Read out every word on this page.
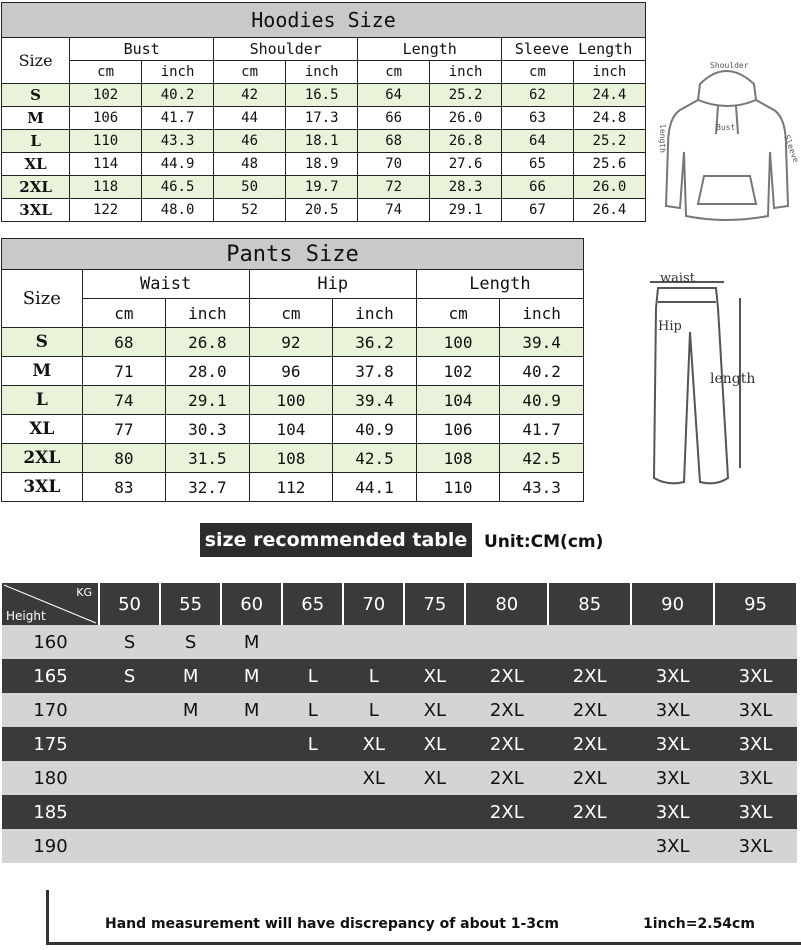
Hoodies Size								
Size	Bust		Shoulder		Length		Sleeve Length	
	cm	inch	cm	inch	cm	inch	cm	inch
S	102	40.2	42	16.5	64	25.2	62	24.4
M	106	41.7	44	17.3	66	26.0	63	24.8
L	110	43.3	46	18.1	68	26.8	64	25.2
XL	114	44.9	48	18.9	70	27.6	65	25.6
2XL	118	46.5	50	19.7	72	28.3	66	26.0
3XL	122	48.0	52	20.5	74	29.1	67	26.4
Shoulder
Bust
length	Sleeve
Pants Size						
Size	Waist		Hip		Length	
	cm	inch	cm	inch	cm	inch
S	68	26.8	92	36.2	100	39.4
M	71	28.0	96	37.8	102	40.2
L	74	29.1	100	39.4	104	40.9
XL	77	30.3	104	40.9	106	41.7
2XL	80	31.5	108	42.5	108	42.5
3XL	83	32.7	112	44.1	110	43.3
waist
Hip
length
size recommended table Unit:CM(cm)
KG
Height	50	55	60	65	70	75	80	85	90	95
160	S	S	M							
165	S	M	M	L	L	XL	2XL	2XL	3XL	3XL
170		M	M	L	L	XL	2XL	2XL	3XL	3XL
175				L	XL	XL	2XL	2XL	3XL	3XL
180					XL	XL	2XL	2XL	3XL	3XL
185							2XL	2XL	3XL	3XL
190									3XL	3XL
Hand measurement will have discrepancy of about 1-3cm	1inch=2.54cm
